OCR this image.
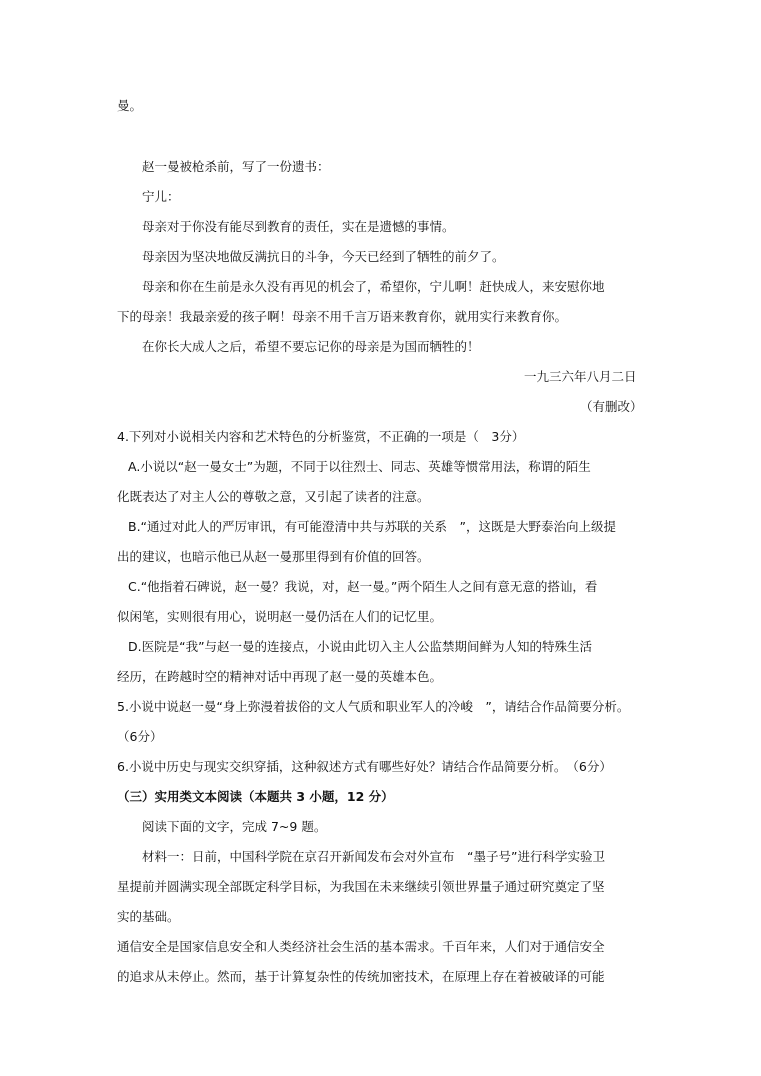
曼。
赵一曼被枪杀前，写了一份遗书：
宁儿：
母亲对于你没有能尽到教育的责任，实在是遗憾的事情。
母亲因为坚决地做反满抗日的斗争，今天已经到了牺牲的前夕了。
母亲和你在生前是永久没有再见的机会了，希望你，宁儿啊！赶快成人，来安慰你地
下的母亲！我最亲爱的孩子啊！母亲不用千言万语来教育你，就用实行来教育你。
在你长大成人之后，希望不要忘记你的母亲是为国而牺牲的！
一九三六年八月二日
（有删改）
4.下列对小说相关内容和艺术特色的分析鉴赏，不正确的一项是（　3分）
A.小说以“赵一曼女士”为题，不同于以往烈士、同志、英雄等惯常用法，称谓的陌生
化既表达了对主人公的尊敬之意，又引起了读者的注意。
B.“通过对此人的严厉审讯，有可能澄清中共与苏联的关系　”，这既是大野泰治向上级提
出的建议，也暗示他已从赵一曼那里得到有价值的回答。
C.“他指着石碑说，赵一曼？我说，对，赵一曼。”两个陌生人之间有意无意的搭讪，看
似闲笔，实则很有用心，说明赵一曼仍活在人们的记忆里。
D.医院是“我”与赵一曼的连接点，小说由此切入主人公监禁期间鲜为人知的特殊生活
经历，在跨越时空的精神对话中再现了赵一曼的英雄本色。
5.小说中说赵一曼“身上弥漫着拔俗的文人气质和职业军人的冷峻　”，请结合作品简要分析。
（6分）
6.小说中历史与现实交织穿插，这种叙述方式有哪些好处？请结合作品简要分析。　（6分）
（三）实用类文本阅读（本题共 3 小题，12 分）
阅读下面的文字，完成 7~9 题。
材料一：日前，中国科学院在京召开新闻发布会对外宣布　“墨子号”进行科学实验卫
星提前并圆满实现全部既定科学目标，为我国在未来继续引领世界量子通过研究奠定了坚
实的基础。
通信安全是国家信息安全和人类经济社会生活的基本需求。千百年来，人们对于通信安全
的追求从未停止。然而，基于计算复杂性的传统加密技术，在原理上存在着被破译的可能
